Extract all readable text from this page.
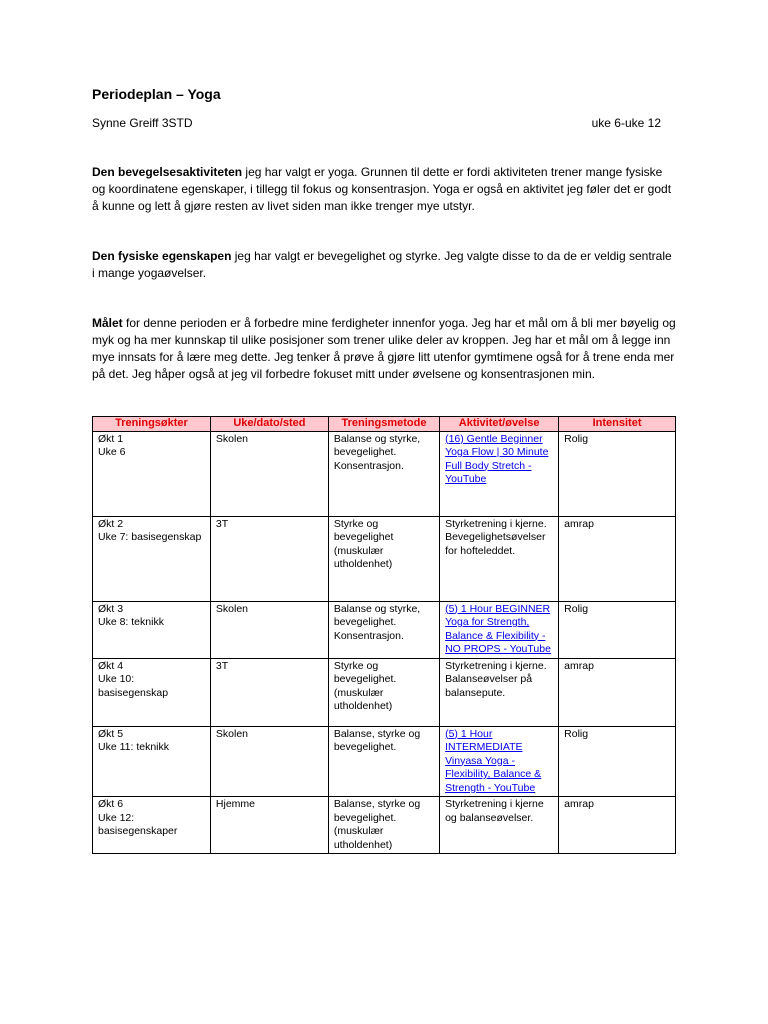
Periodeplan – Yoga
Synne Greiff 3STD	uke 6-uke 12

Den bevegelsesaktiviteten jeg har valgt er yoga. Grunnen til dette er fordi aktiviteten trener mange fysiske og koordinatene egenskaper, i tillegg til fokus og konsentrasjon. Yoga er også en aktivitet jeg føler det er godt å kunne og lett å gjøre resten av livet siden man ikke trenger mye utstyr.

Den fysiske egenskapen jeg har valgt er bevegelighet og styrke. Jeg valgte disse to da de er veldig sentrale i mange yogaøvelser.

Målet for denne perioden er å forbedre mine ferdigheter innenfor yoga. Jeg har et mål om å bli mer bøyelig og myk og ha mer kunnskap til ulike posisjoner som trener ulike deler av kroppen. Jeg har et mål om å legge inn mye innsats for å lære meg dette. Jeg tenker å prøve å gjøre litt utenfor gymtimene også for å trene enda mer på det. Jeg håper også at jeg vil forbedre fokuset mitt under øvelsene og konsentrasjonen min.

Treningsøkter	Uke/dato/sted	Treningsmetode	Aktivitet/øvelse	Intensitet
Økt 1
Uke 6	Skolen	Balanse og styrke, bevegelighet. Konsentrasjon.	(16) Gentle Beginner Yoga Flow | 30 Minute Full Body Stretch - YouTube	Rolig
Økt 2
Uke 7: basisegenskap	3T	Styrke og bevegelighet (muskulær utholdenhet)	Styrketrening i kjerne. Bevegelighetsøvelser for hofteleddet.	amrap
Økt 3
Uke 8: teknikk	Skolen	Balanse og styrke, bevegelighet. Konsentrasjon.	(5) 1 Hour BEGINNER Yoga for Strength, Balance & Flexibility - NO PROPS - YouTube	Rolig
Økt 4
Uke 10: basisegenskap	3T	Styrke og bevegelighet. (muskulær utholdenhet)	Styrketrening i kjerne. Balanseøvelser på balansepute.	amrap
Økt 5
Uke 11: teknikk	Skolen	Balanse, styrke og bevegelighet.	(5) 1 Hour INTERMEDIATE Vinyasa Yoga - Flexibility, Balance & Strength - YouTube	Rolig
Økt 6
Uke 12: basisegenskaper	Hjemme	Balanse, styrke og bevegelighet. (muskulær utholdenhet)	Styrketrening i kjerne og balanseøvelser.	amrap
